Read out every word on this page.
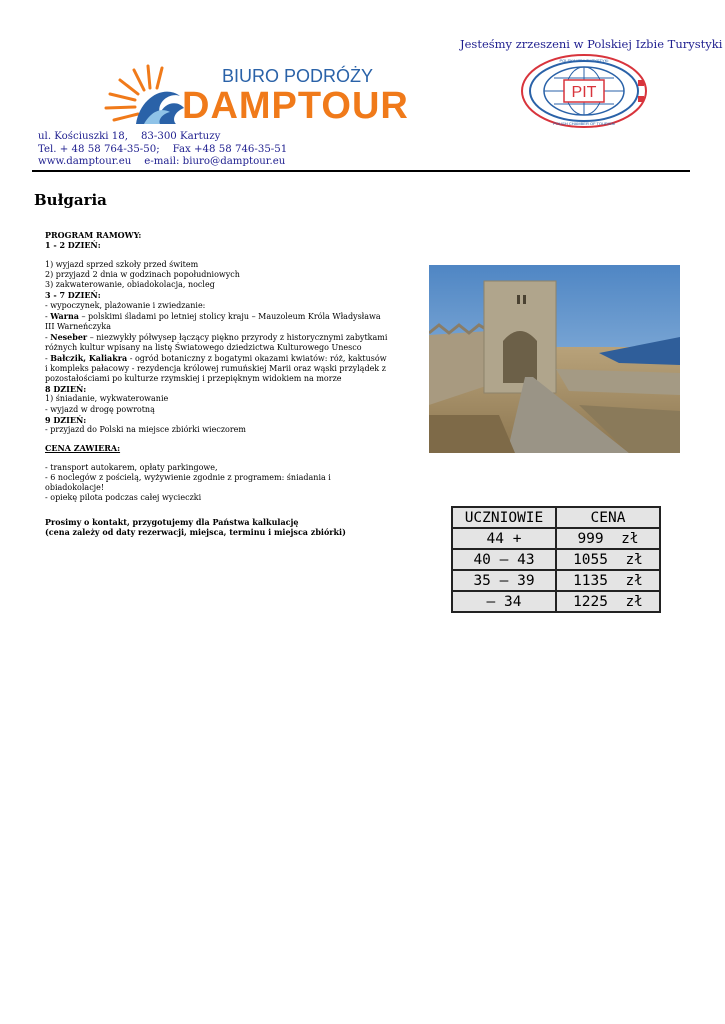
Jesteśmy zrzeszeni w Polskiej Izbie Turystyki
BIURO PODRÓŻY
DAMPTOUR	PIT
POLSKA IZBA TURYSTYKI
POLISH CHAMBER OF TOURISM
ul. Kościuszki 18,    83-300 Kartuzy
Tel. + 48 58 764-35-50;    Fax +48 58 746-35-51
www.damptour.eu    e-mail: biuro@damptour.eu
Bułgaria
PROGRAM RAMOWY:
1 - 2 DZIEŃ:
1) wyjazd sprzed szkoły przed świtem
2) przyjazd 2 dnia w godzinach popołudniowych
3) zakwaterowanie, obiadokolacja, nocleg
3 - 7 DZIEŃ:
- wypoczynek, plażowanie i zwiedzanie:
- Warna – polskimi śladami po letniej stolicy kraju – Mauzoleum Króla Władysława III Warneńczyka
- Neseber – niezwykły półwysep łączący piękno przyrody z historycznymi zabytkami różnych kultur wpisany na listę Światowego dziedzictwa Kulturowego Unesco
- Bałczik, Kaliakra - ogród botaniczny z bogatymi okazami kwiatów: róż, kaktusów i kompleks pałacowy - rezydencja królowej rumuńskiej Marii oraz wąski przylądek z pozostałościami po kulturze rzymskiej i przepięknym widokiem na morze
8 DZIEŃ:
1) śniadanie, wykwaterowanie
- wyjazd w drogę powrotną
9 DZIEŃ:
- przyjazd do Polski na miejsce zbiórki wieczorem
CENA ZAWIERA:
- transport autokarem, opłaty parkingowe,
- 6 noclegów z pościelą, wyżywienie zgodnie z programem: śniadania i obiadokolacje!
- opiekę pilota podczas całej wycieczki
Prosimy o kontakt, przygotujemy dla Państwa kalkulację
(cena zależy od daty rezerwacji, miejsca, terminu i miejsca zbiórki)
UCZNIOWIE	CENA
44 +	999  zł
40 – 43	1055  zł
35 – 39	1135  zł
– 34	1225  zł
